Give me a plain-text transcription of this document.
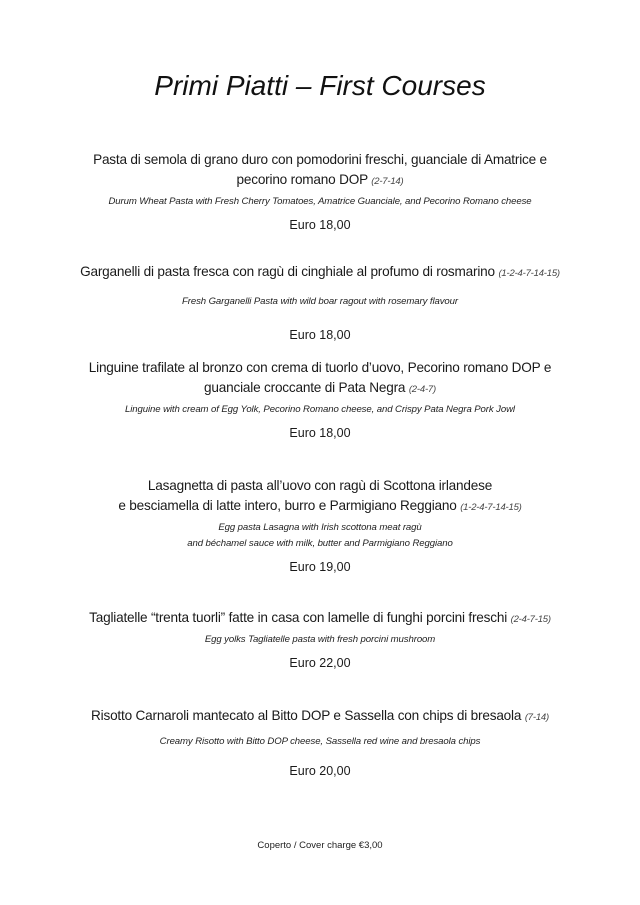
Primi Piatti – First Courses
Pasta di semola di grano duro con pomodorini freschi, guanciale di Amatrice e
pecorino romano DOP (2-7-14)
Durum Wheat Pasta with Fresh Cherry Tomatoes, Amatrice Guanciale, and Pecorino Romano cheese
Euro 18,00
Garganelli di pasta fresca con ragù di cinghiale al profumo di rosmarino (1-2-4-7-14-15)
Fresh Garganelli Pasta with wild boar ragout with rosemary flavour
Euro 18,00
Linguine trafilate al bronzo con crema di tuorlo d’uovo, Pecorino romano DOP e
guanciale croccante di Pata Negra (2-4-7)
Linguine with cream of Egg Yolk, Pecorino Romano cheese, and Crispy Pata Negra Pork Jowl
Euro 18,00
Lasagnetta di pasta all’uovo con ragù di Scottona irlandese
e besciamella di latte intero, burro e Parmigiano Reggiano (1-2-4-7-14-15)
Egg pasta Lasagna with Irish scottona meat ragù
and béchamel sauce with milk, butter and Parmigiano Reggiano
Euro 19,00
Tagliatelle “trenta tuorli” fatte in casa con lamelle di funghi porcini freschi (2-4-7-15)
Egg yolks Tagliatelle pasta with fresh porcini mushroom
Euro 22,00
Risotto Carnaroli mantecato al Bitto DOP e Sassella con chips di bresaola (7-14)
Creamy Risotto with Bitto DOP cheese, Sassella red wine and bresaola chips
Euro 20,00
Coperto / Cover charge €3,00
